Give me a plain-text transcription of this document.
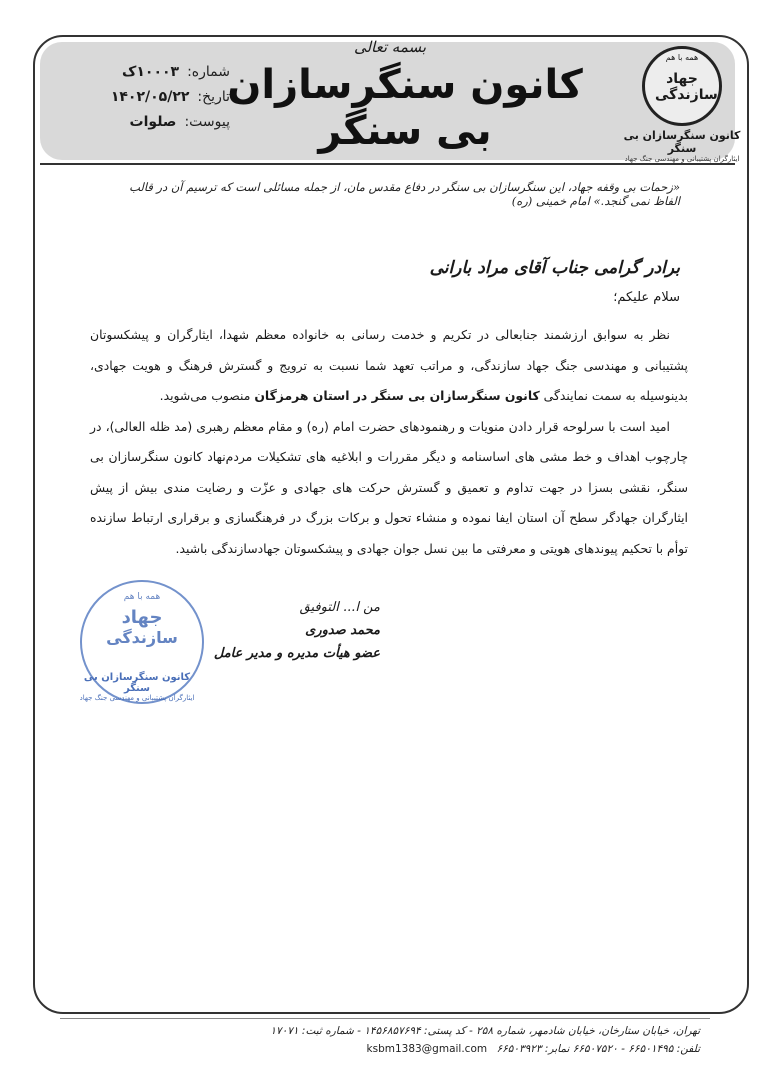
بسمه تعالی
کانون سنگرسازان بی سنگر
شماره:
۱۰۰۰۳ک
تاریخ:
۱۴۰۲/۰۵/۲۲
پیوست:
صلوات
همه با هم
جهاد
سازندگی
کانون سنگرسازان بی سنگر
ایثارگران پشتیبانی و مهندسی جنگ جهاد
«زحمات بی وقفه جهاد، این سنگرسازان بی سنگر در دفاع مقدس مان، از جمله مسائلی است که ترسیم آن در قالب الفاظ نمی گنجد.» امام خمینی (ره)
برادر گرامی جناب آقای مراد بارانی
سلام علیکم؛

نظر به سوابق ارزشمند جنابعالی در تکریم و خدمت رسانی به خانواده معظم شهدا، ایثارگران و پیشکسوتان پشتیبانی و مهندسی جنگ جهاد سازندگی، و مراتب تعهد شما نسبت به ترویج و گسترش فرهنگ و هویت جهادی، بدینوسیله به سمت نمایندگی کانون سنگرسازان بی سنگر در استان هرمزگان منصوب می‌شوید.

امید است با سرلوحه قرار دادن منویات و رهنمودهای حضرت امام (ره) و مقام معظم رهبری (مد ظله العالی)، در چارچوب اهداف و خط مشی های اساسنامه و دیگر مقررات و ابلاغیه های تشکیلات مردم‌نهاد کانون سنگرسازان بی سنگر، نقشی بسزا در جهت تداوم و تعمیق و گسترش حرکت های جهادی و عزّت و رضایت مندی بیش از پیش ایثارگران جهادگر سطح آن استان ایفا نموده و منشاء تحول و برکات بزرگ در فرهنگسازی و برقراری ارتباط سازنده توأم با تحکیم پیوندهای هویتی و معرفتی ما بین نسل جوان جهادی و پیشکسوتان جهادسازندگی باشید.

همه با هم
جهاد
سازندگی
کانون سنگرسازان بی سنگر
ایثارگران پشتیبانی و مهندسی جنگ جهاد
من ا... التوفیق
محمد صدوری
عضو هیأت مدیره و مدیر عامل
تهران، خیابان ستارخان، خیابان شادمهر، شماره ۲۵۸ - کد پستی: ۱۴۵۶۸۵۷۶۹۴ - شماره ثبت: ۱۷۰۷۱
تلفن: ۶۶۵۰۱۴۹۵ - ۶۶۵۰۷۵۲۰ نمابر: ۶۶۵۰۳۹۲۳ ksbm1383@gmail.com
